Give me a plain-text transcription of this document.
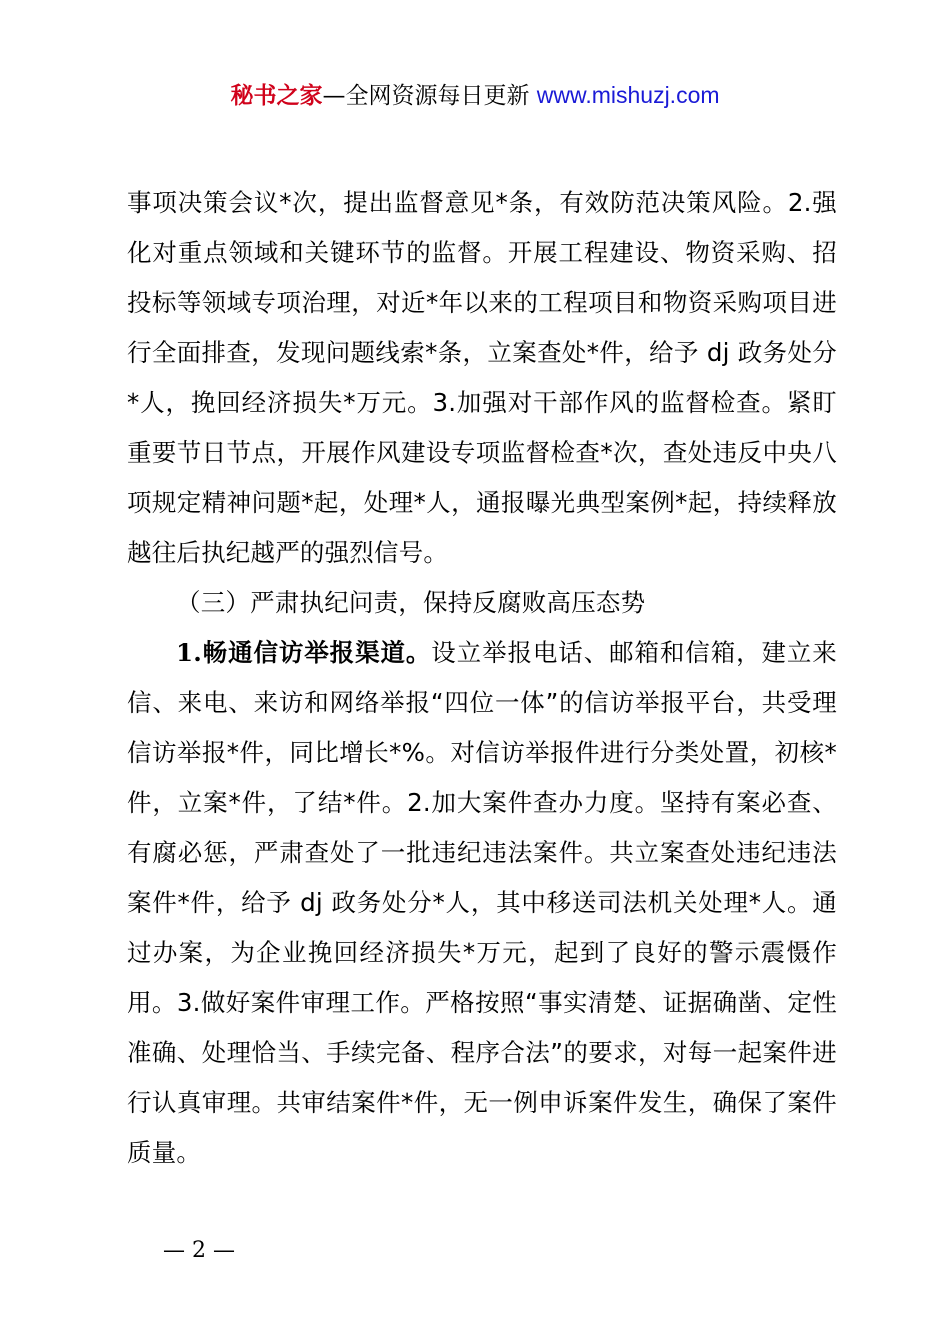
秘书之家—全网资源每日更新 www.mishuzj.com

事项决策会议*次，提出监督意见*条，有效防范决策风险。2.强化对重点领域和关键环节的监督。开展工程建设、物资采购、招投标等领域专项治理，对近*年以来的工程项目和物资采购项目进行全面排查，发现问题线索*条，立案查处*件，给予 dj 政务处分*人，挽回经济损失*万元。3.加强对干部作风的监督检查。紧盯重要节日节点，开展作风建设专项监督检查*次，查处违反中央八项规定精神问题*起，处理*人，通报曝光典型案例*起，持续释放越往后执纪越严的强烈信号。

（三）严肃执纪问责，保持反腐败高压态势

1.畅通信访举报渠道。设立举报电话、邮箱和信箱，建立来信、来电、来访和网络举报“四位一体”的信访举报平台，共受理信访举报*件，同比增长*%。对信访举报件进行分类处置，初核*件，立案*件，了结*件。2.加大案件查办力度。坚持有案必查、有腐必惩，严肃查处了一批违纪违法案件。共立案查处违纪违法案件*件，给予 dj 政务处分*人，其中移送司法机关处理*人。通过办案，为企业挽回经济损失*万元，起到了良好的警示震慑作用。3.做好案件审理工作。严格按照“事实清楚、证据确凿、定性准确、处理恰当、手续完备、程序合法”的要求，对每一起案件进行认真审理。共审结案件*件，无一例申诉案件发生，确保了案件质量。

— 2 —
